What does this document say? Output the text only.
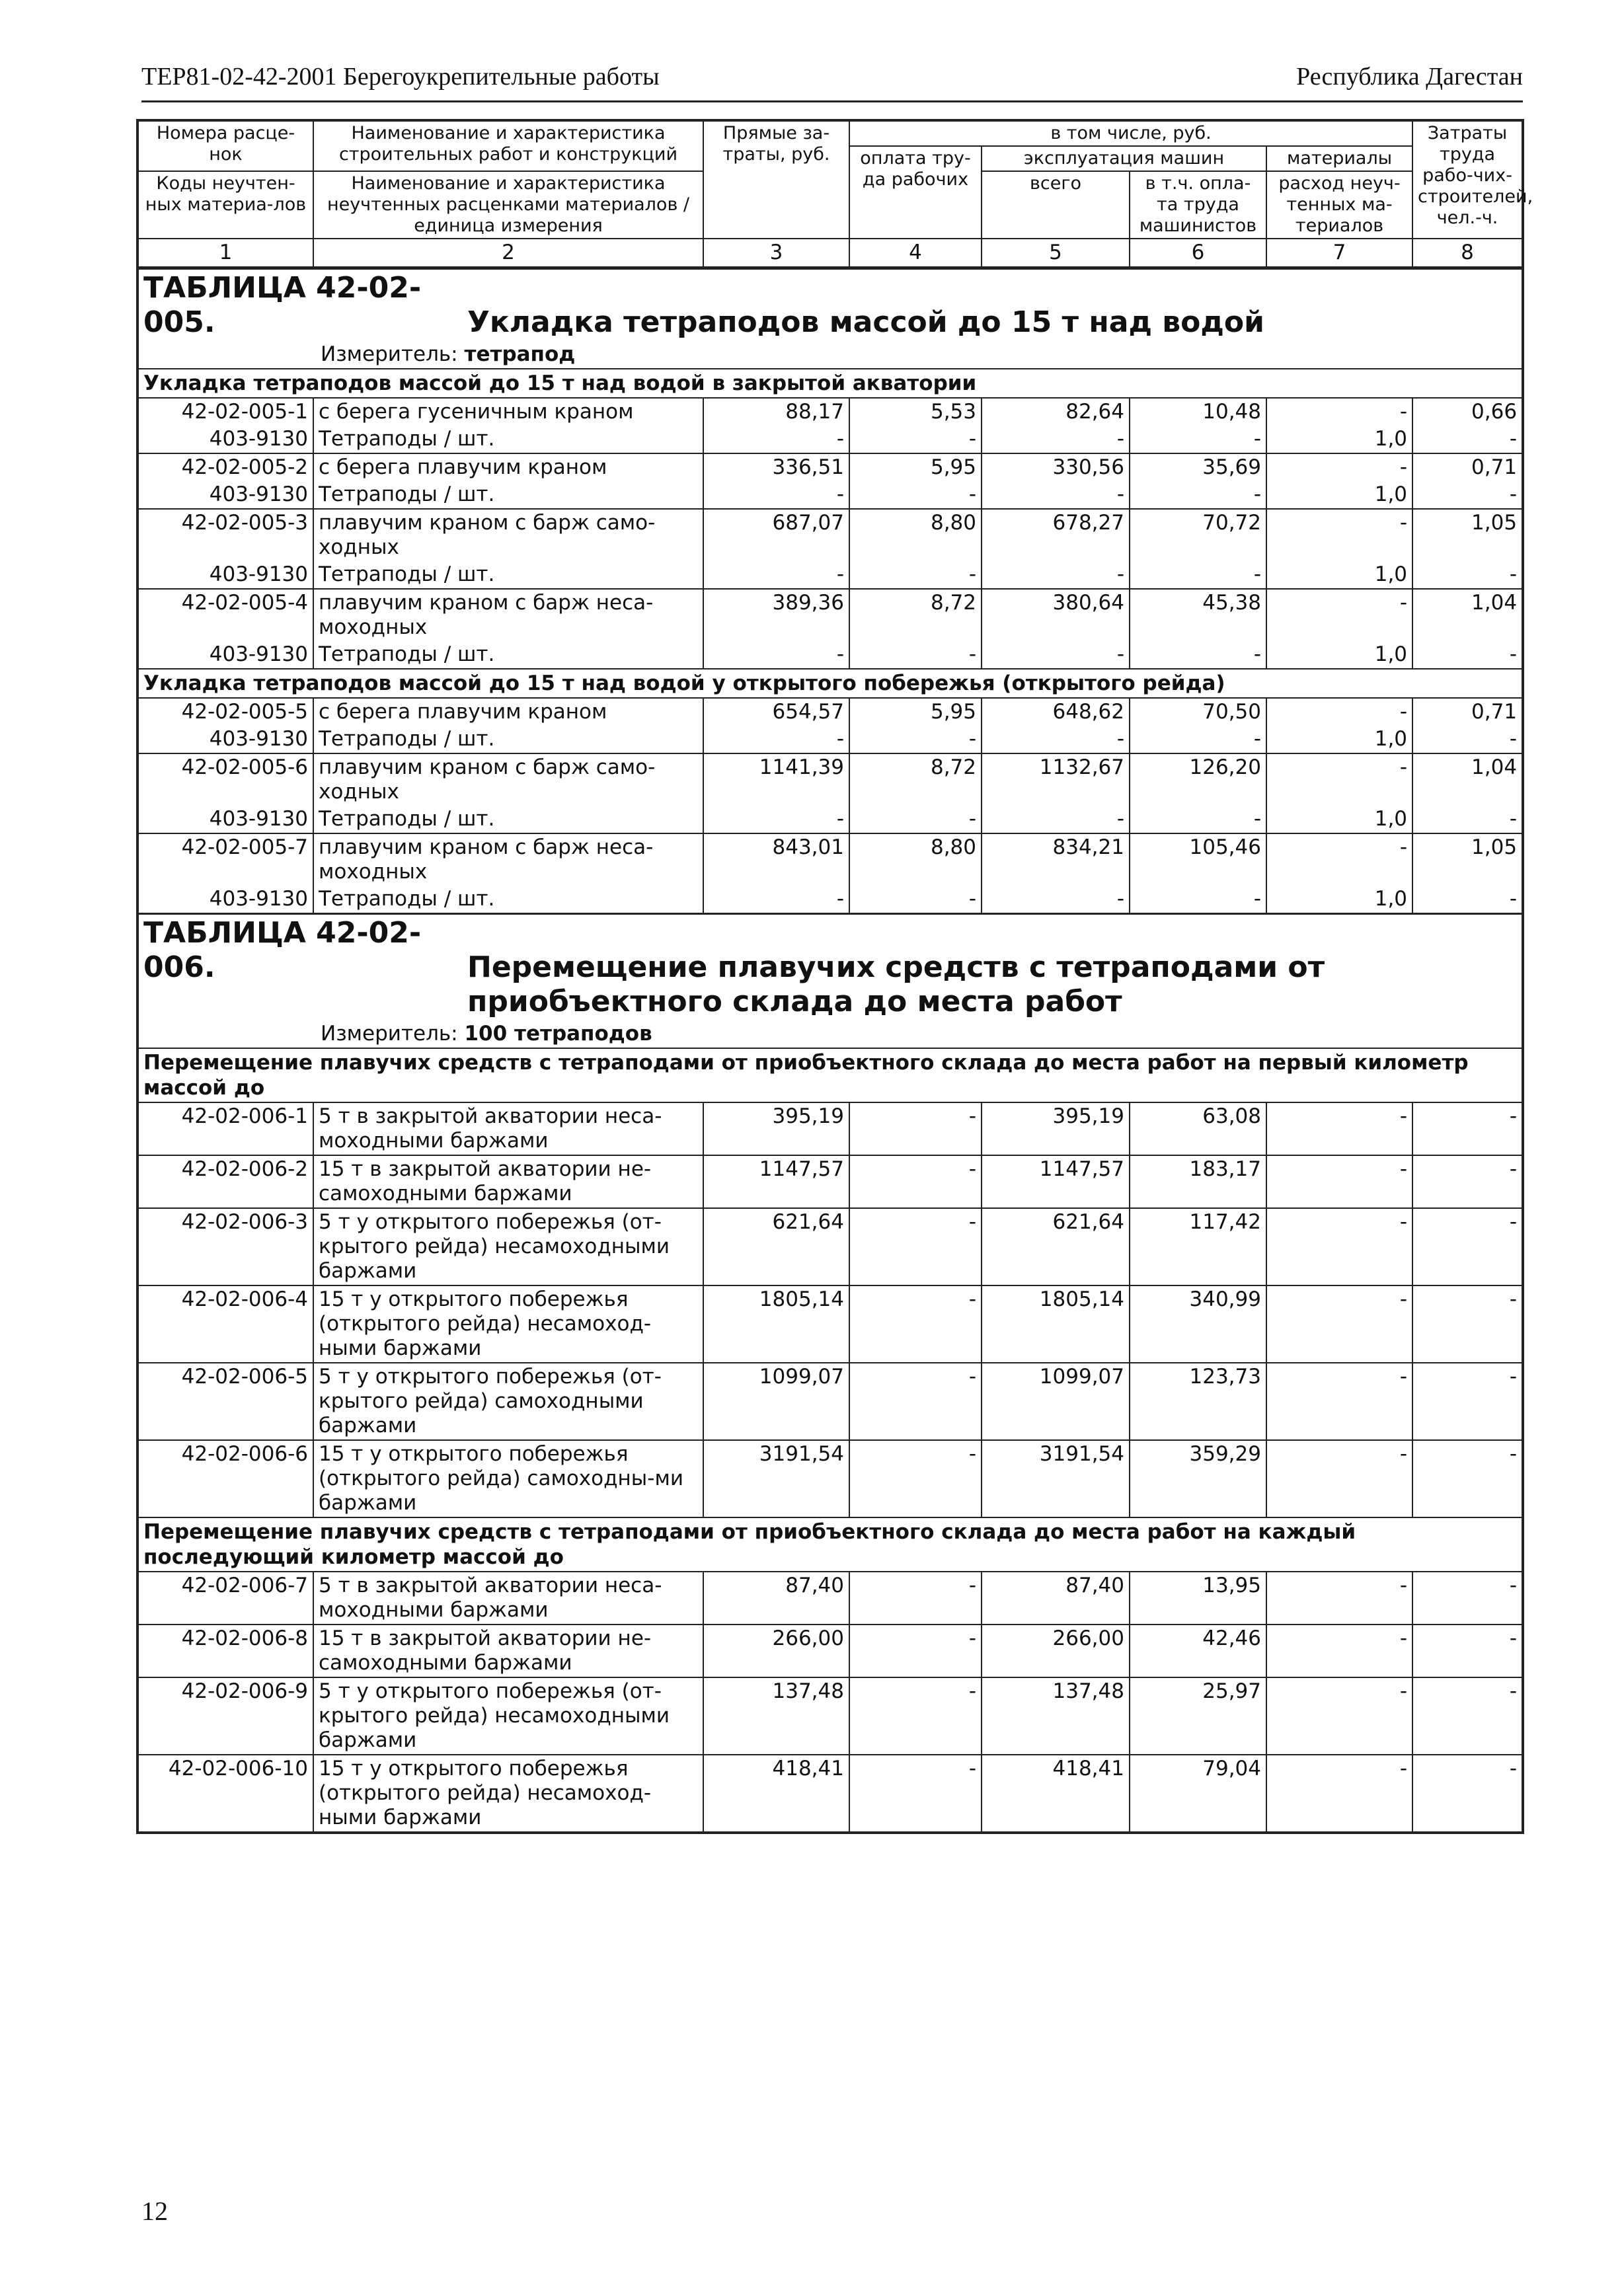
ТЕР81-02-42-2001 Берегоукрепительные работы	Республика Дагестан
Номера расце-нок	Наименование и характеристика строительных работ и конструкций	Прямые за-траты, руб.	в том числе, руб.				Затраты труда рабо-чих-строителей, чел.-ч.
			оплата тру-да рабочих	эксплуатация машин		материалы	
Коды неучтен-ных материа-лов	Наименование и характеристика неучтенных расценками материалов / единица измерения			всего	в т.ч. опла-та труда машинистов	расход неуч-тенных ма-териалов	

1	2	3	4	5	6	7	8

ТАБЛИЦА 42-02-005. Укладка тетраподов массой до 15 т над водой							

Измеритель: тетрапод							

Укладка тетраподов массой до 15 т над водой в закрытой акватории							
42-02-005-1	с берега гусеничным краном	88,17	5,53	82,64	10,48	-	0,66
403-9130	Тетраподы / шт.	-	-	-	-	1,0	-
42-02-005-2	с берега плавучим краном	336,51	5,95	330,56	35,69	-	0,71
403-9130	Тетраподы / шт.	-	-	-	-	1,0	-
42-02-005-3	плавучим краном с барж само-ходных	687,07	8,80	678,27	70,72	-	1,05
403-9130	Тетраподы / шт.	-	-	-	-	1,0	-
42-02-005-4	плавучим краном с барж неса-моходных	389,36	8,72	380,64	45,38	-	1,04
403-9130	Тетраподы / шт.	-	-	-	-	1,0	-
Укладка тетраподов массой до 15 т над водой у открытого побережья (открытого рейда)							
42-02-005-5	с берега плавучим краном	654,57	5,95	648,62	70,50	-	0,71
403-9130	Тетраподы / шт.	-	-	-	-	1,0	-
42-02-005-6	плавучим краном с барж само-ходных	1141,39	8,72	1132,67	126,20	-	1,04
403-9130	Тетраподы / шт.	-	-	-	-	1,0	-
42-02-005-7	плавучим краном с барж неса-моходных	843,01	8,80	834,21	105,46	-	1,05
403-9130	Тетраподы / шт.	-	-	-	-	1,0	-

ТАБЛИЦА 42-02-006. Перемещение плавучих средств с тетраподами от
приобъектного склада до места работ							

Измеритель: 100 тетраподов							

Перемещение плавучих средств с тетраподами от приобъектного склада до места работ на первый километр массой до							
42-02-006-1	5 т в закрытой акватории неса-моходными баржами	395,19	-	395,19	63,08	-	-
42-02-006-2	15 т в закрытой акватории не-самоходными баржами	1147,57	-	1147,57	183,17	-	-
42-02-006-3	5 т у открытого побережья (от-крытого рейда) несамоходными баржами	621,64	-	621,64	117,42	-	-
42-02-006-4	15 т у открытого побережья (открытого рейда) несамоход-ными баржами	1805,14	-	1805,14	340,99	-	-
42-02-006-5	5 т у открытого побережья (от-крытого рейда) самоходными баржами	1099,07	-	1099,07	123,73	-	-
42-02-006-6	15 т у открытого побережья (открытого рейда) самоходны-ми баржами	3191,54	-	3191,54	359,29	-	-
Перемещение плавучих средств с тетраподами от приобъектного склада до места работ на каждый последующий километр массой до							
42-02-006-7	5 т в закрытой акватории неса-моходными баржами	87,40	-	87,40	13,95	-	-
42-02-006-8	15 т в закрытой акватории не-самоходными баржами	266,00	-	266,00	42,46	-	-
42-02-006-9	5 т у открытого побережья (от-крытого рейда) несамоходными баржами	137,48	-	137,48	25,97	-	-
42-02-006-10	15 т у открытого побережья (открытого рейда) несамоход-ными баржами	418,41	-	418,41	79,04	-	-
12
